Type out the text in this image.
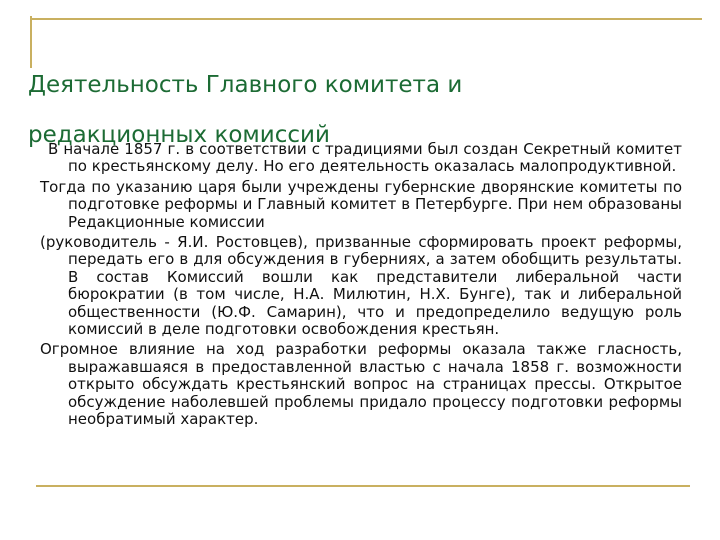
Деятельность Главного комитета и
редакционных комиссий

В начале 1857 г. в соответствии с традициями был создан Секретный комитет по крестьянскому делу. Но его деятельность оказалась малопродуктивной.

Тогда по указанию царя были учреждены губернские дворянские комитеты по подготовке реформы и Главный комитет в Петербурге. При нем образованы Редакционные комиссии

(руководитель - Я.И. Ростовцев), призванные сформировать проект реформы, передать его в для обсуждения в губерниях, а затем обобщить результаты. В состав Комиссий вошли как представители либеральной части бюрократии (в том числе, Н.А. Милютин, Н.Х. Бунге), так и либеральной общественности (Ю.Ф. Самарин), что и предопределило ведущую роль комиссий в деле подготовки освобождения крестьян.

Огромное влияние на ход разработки реформы оказала также гласность, выражавшаяся в предоставленной властью с начала 1858 г. возможности открыто обсуждать крестьянский вопрос на страницах прессы. Открытое обсуждение наболевшей проблемы придало процессу подготовки реформы необратимый характер.
